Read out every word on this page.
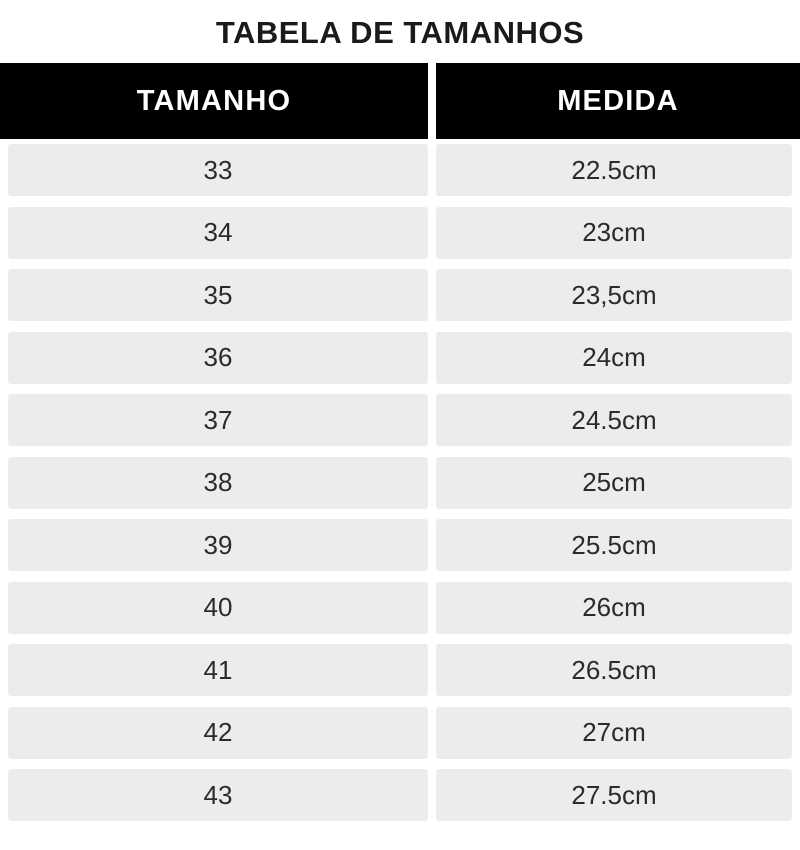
TABELA DE TAMANHOS
TAMANHO	MEDIDA
33	22.5cm
34	23cm
35	23,5cm
36	24cm
37	24.5cm
38	25cm
39	25.5cm
40	26cm
41	26.5cm
42	27cm
43	27.5cm
